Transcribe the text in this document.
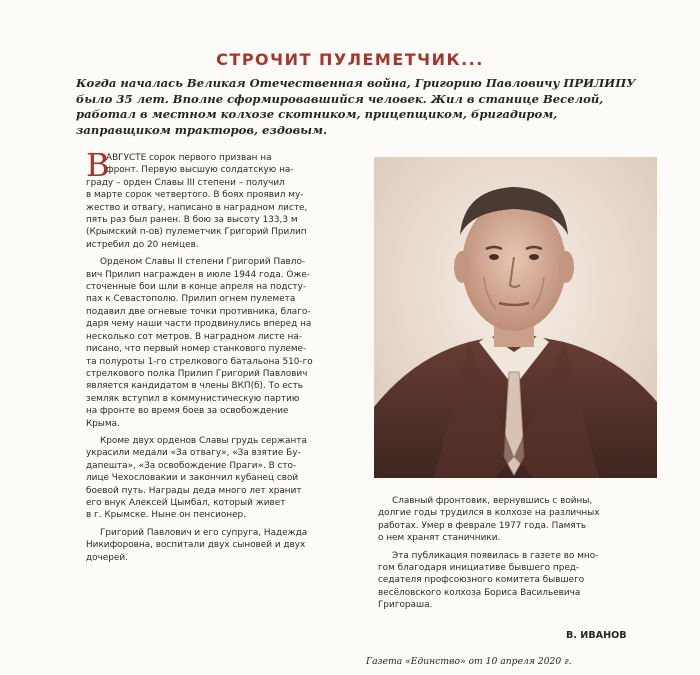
СТРОЧИТ ПУЛЕМЕТЧИК...
Когда началась Великая Отечественная война, Григорию Павловичу ПРИЛИПУ
было 35 лет. Вполне сформировавшийся человек. Жил в станице Веселой,
работал в местном колхозе скотником, прицепщиком, бригадиром,
заправщиком тракторов, ездовым.
В
АВГУСТЕ сорок первого призван на
фронт. Первую высшую солдатскую на-
граду – орден Славы III степени – получил
в марте сорок четвертого. В боях проявил му-
жество и отвагу, написано в наградном листе,
пять раз был ранен. В бою за высоту 133,3 м
(Крымский п-ов) пулеметчик Григорий Прилип
истребил до 20 немцев.
Орденом Славы II степени Григорий Павло-
вич Прилип награжден в июле 1944 года. Оже-
сточенные бои шли в конце апреля на подсту-
пах к Севастополю. Прилип огнем пулемета
подавил две огневые точки противника, благо-
даря чему наши части продвинулись вперед на
несколько сот метров. В наградном листе на-
писано, что первый номер станкового пулеме-
та полуроты 1-го стрелкового батальона 510-го
стрелкового полка Прилип Григорий Павлович
является кандидатом в члены ВКП(б). То есть
земляк вступил в коммунистическую партию
на фронте во время боев за освобождение
Крыма.
Кроме двух орденов Славы грудь сержанта
украсили медали «За отвагу», «За взятие Бу-
дапешта», «За освобождение Праги». В сто-
лице Чехословакии и закончил кубанец свой
боевой путь. Награды деда много лет хранит
его внук Алексей Цымбал, который живет
в г. Крымске. Ныне он пенсионер.
Григорий Павлович и его супруга, Надежда
Никифоровна, воспитали двух сыновей и двух
дочерей.
Славный фронтовик, вернувшись с войны,
долгие годы трудился в колхозе на различных
работах. Умер в феврале 1977 года. Память
о нем хранят станичники.
Эта публикация появилась в газете во мно-
гом благодаря инициативе бывшего пред-
седателя профсоюзного комитета бывшего
весёловского колхоза Бориса Васильевича
Григораша.
В. ИВАНОВ
Газета «Единство» от 10 апреля 2020 г.
